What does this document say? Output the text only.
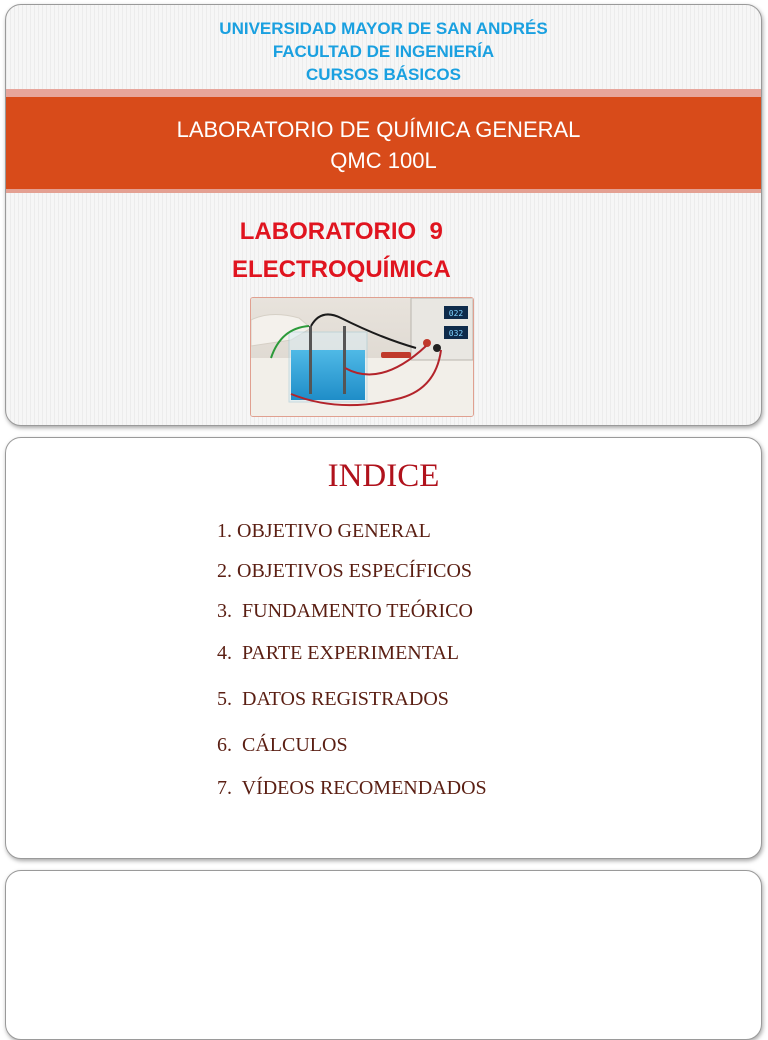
UNIVERSIDAD MAYOR DE SAN ANDRÉS
FACULTAD DE INGENIERÍA
CURSOS BÁSICOS
LABORATORIO DE QUÍMICA GENERAL
QMC 100L
LABORATORIO  9
ELECTROQUÍMICA
022
032
INDICE
1. OBJETIVO GENERAL
2. OBJETIVOS ESPECÍFICOS
3.  FUNDAMENTO TEÓRICO
4.  PARTE EXPERIMENTAL
5.  DATOS REGISTRADOS
6.  CÁLCULOS
7.  VÍDEOS RECOMENDADOS
